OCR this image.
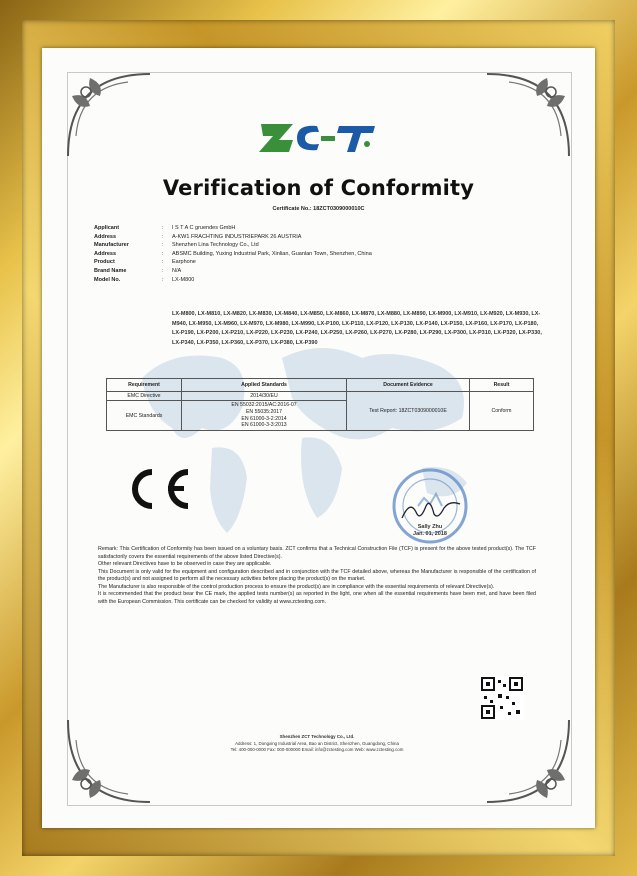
Verification of Conformity
Certificate No.: 18ZCT0309000010C
Applicant	:	I S T A C gruendes GmbH
Address	:	A-KW1 FRACHTING INDUSTRIEPARK 26 AUSTRIA
Manufacturer	:	Shenzhen Lina Technology Co., Ltd
Address	:	ABSMC Building, Yuxing Industrial Park, Xinlian, Guanlan Town, Shenzhen, China
Product	:	Earphone
Brand Name	:	N/A
Model No.	:	LX-M800
LX-M800, LX-M810, LX-M820, LX-M830, LX-M840, LX-M850, LX-M860, LX-M870, LX-M880, LX-M890, LX-M900, LX-M910, LX-M920, LX-M930, LX-M940, LX-M950, LX-M960, LX-M970, LX-M980, LX-M990, LX-P100, LX-P110, LX-P120, LX-P130, LX-P140, LX-P150, LX-P160, LX-P170, LX-P180, LX-P190, LX-P200, LX-P210, LX-P220, LX-P230, LX-P240, LX-P250, LX-P260, LX-P270, LX-P280, LX-P290, LX-P300, LX-P310, LX-P320, LX-P330, LX-P340, LX-P350, LX-P360, LX-P370, LX-P380, LX-P390
Requirement	Applied Standards	Document Evidence	Result
EMC Directive	2014/30/EU	Test Report: 18ZCT0309000010E	Conform
EMC Standards	EN 55032:2015/AC:2016-07
EN 55035:2017
EN 61000-3-2:2014
EN 61000-3-3:2013		
Sally Zhu
Jan. 01, 2018

Remark: This Certification of Conformity has been issued on a voluntary basis. ZCT confirms that a Technical Construction File (TCF) is present for the above tested product(s). The TCF satisfactorily covers the essential requirements of the above listed Directive(s).

Other relevant Directives have to be observed in case they are applicable.

This Document is only valid for the equipment and configuration described and in conjunction with the TCF detailed above, whereas the Manufacturer is responsible of the certification of the product(s) and not assigned to perform all the necessary activities before placing the product(s) on the market.

The Manufacturer is also responsible of the control production process to ensure the product(s) are in compliance with the essential requirements of relevant Directive(s).

It is recommended that the product bear the CE mark, the applied tests number(s) as reported in the light, one when all the essential requirements have been met, and have been filed with the European Commission. This certificate can be checked for validity at www.zctesting.com.

Shenzhen ZCT Technology Co., Ltd.
Address: 1, Dongxing Industrial Area, Bao an District, Shenzhen, Guangdong, China
Tel: 400-000-0000 Fax: 000-000000 Email: info@zctesting.com Web: www.zctesting.com
